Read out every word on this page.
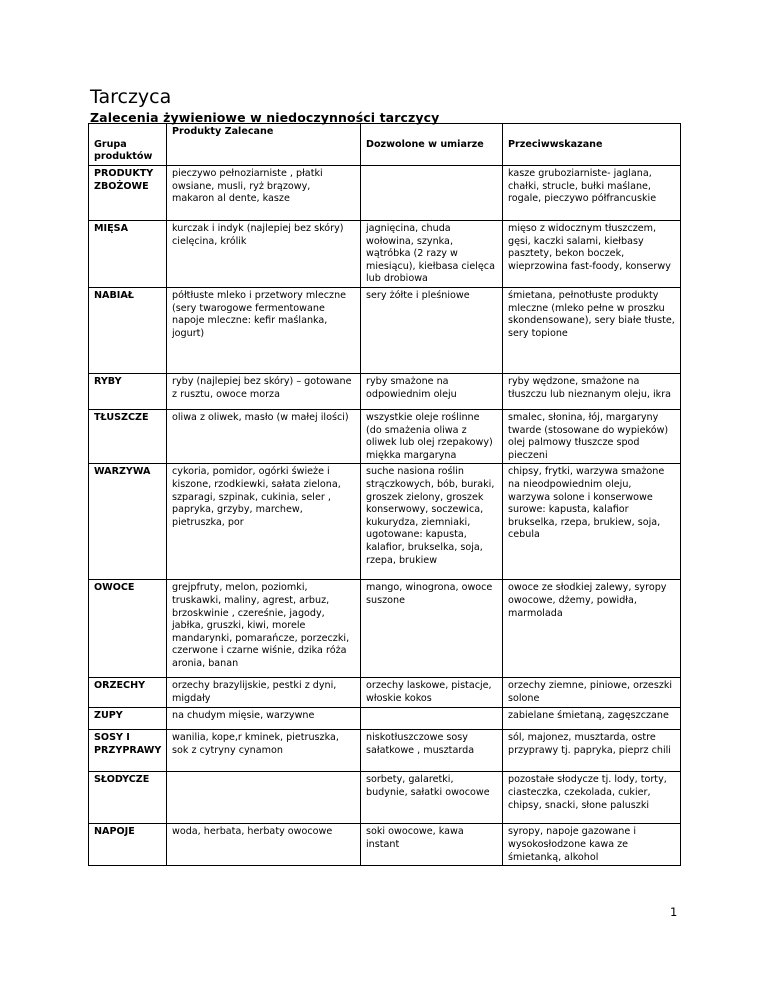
Tarczyca
Zalecenia żywieniowe w niedoczynności tarczycy
Grupa produktów	Produkty Zalecane	Dozwolone w umiarze	Przeciwwskazane
PRODUKTY ZBOŻOWE	pieczywo pełnoziarniste , płatki owsiane, musli, ryż brązowy, makaron al dente, kasze		kasze gruboziarniste- jaglana, chałki, strucle, bułki maślane, rogale, pieczywo półfrancuskie
MIĘSA	kurczak i indyk (najlepiej bez skóry) cielęcina, królik	jagnięcina, chuda wołowina, szynka, wątróbka (2 razy w miesiącu), kiełbasa cielęca lub drobiowa	mięso z widocznym tłuszczem, gęsi, kaczki salami, kiełbasy pasztety, bekon boczek, wieprzowina fast-foody, konserwy
NABIAŁ	półtłuste mleko i przetwory mleczne (sery twarogowe fermentowane napoje mleczne: kefir maślanka, jogurt)	sery żółte i pleśniowe	śmietana, pełnotłuste produkty mleczne (mleko pełne w proszku skondensowane), sery białe tłuste, sery topione
RYBY	ryby (najlepiej bez skóry) – gotowane z rusztu, owoce morza	ryby smażone na odpowiednim oleju	ryby wędzone, smażone na tłuszczu lub nieznanym oleju, ikra
TŁUSZCZE	oliwa z oliwek, masło (w małej ilości)	wszystkie oleje roślinne (do smażenia oliwa z oliwek lub olej rzepakowy) miękka margaryna	smalec, słonina, łój, margaryny twarde (stosowane do wypieków) olej palmowy tłuszcze spod pieczeni
WARZYWA	cykoria, pomidor, ogórki świeże i kiszone, rzodkiewki, sałata zielona, szparagi, szpinak, cukinia, seler , papryka, grzyby, marchew, pietruszka, por	suche nasiona roślin strączkowych, bób, buraki, groszek zielony, groszek konserwowy, soczewica, kukurydza, ziemniaki, ugotowane: kapusta, kalafior, brukselka, soja, rzepa, brukiew	chipsy, frytki, warzywa smażone na nieodpowiednim oleju, warzywa solone i konserwowe surowe: kapusta, kalafior brukselka, rzepa, brukiew, soja, cebula
OWOCE	grejpfruty, melon, poziomki, truskawki, maliny, agrest, arbuz, brzoskwinie , czereśnie, jagody, jabłka, gruszki, kiwi, morele mandarynki, pomarańcze, porzeczki, czerwone i czarne wiśnie, dzika róża aronia, banan	mango, winogrona, owoce suszone	owoce ze słodkiej zalewy, syropy owocowe, dżemy, powidła, marmolada
ORZECHY	orzechy brazylijskie, pestki z dyni, migdały	orzechy laskowe, pistacje, włoskie kokos	orzechy ziemne, piniowe, orzeszki solone
ZUPY	na chudym mięsie, warzywne		zabielane śmietaną, zagęszczane
SOSY I PRZYPRAWY	wanilia, kope,r kminek, pietruszka, sok z cytryny cynamon	niskotłuszczowe sosy sałatkowe , musztarda	sól, majonez, musztarda, ostre przyprawy tj. papryka, pieprz chili
SŁODYCZE		sorbety, galaretki, budynie, sałatki owocowe	pozostałe słodycze tj. lody, torty, ciasteczka, czekolada, cukier, chipsy, snacki, słone paluszki
NAPOJE	woda, herbata, herbaty owocowe	soki owocowe, kawa instant	syropy, napoje gazowane i wysokosłodzone kawa ze śmietanką, alkohol
1
